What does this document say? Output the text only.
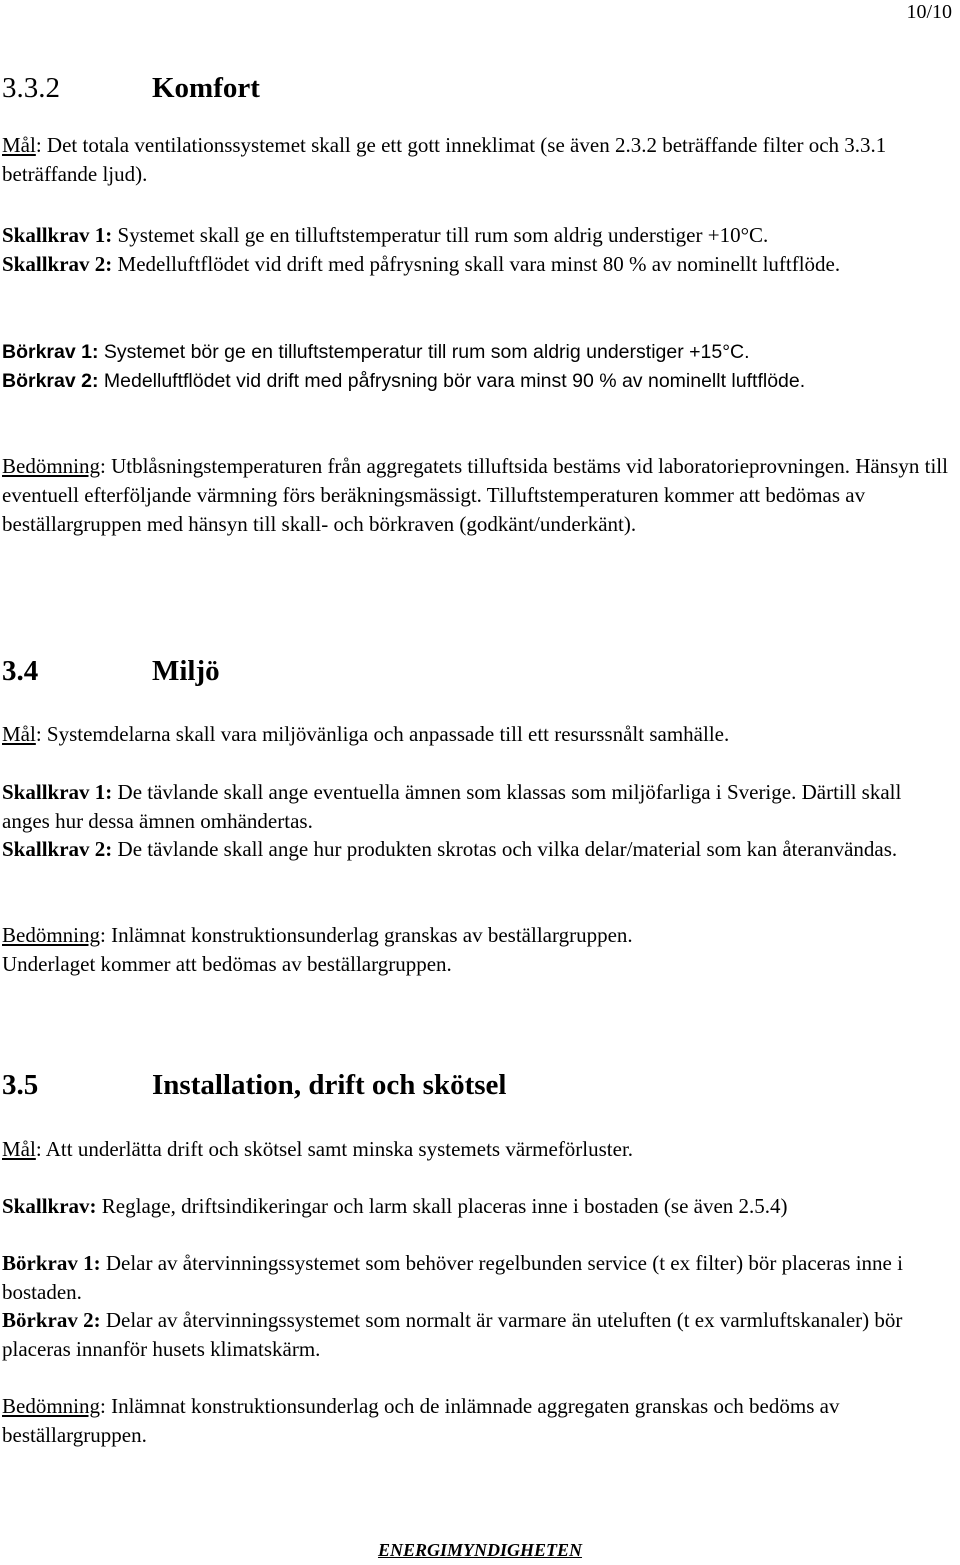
10/10
3.3.2	Komfort

Mål: Det totala ventilationssystemet skall ge ett gott inneklimat (se även 2.3.2 beträffande filter och 3.3.1 beträffande ljud).

Skallkrav 1: Systemet skall ge en tilluftstemperatur till rum som aldrig understiger +10°C.

Skallkrav 2: Medelluftflödet vid drift med påfrysning skall vara minst 80 % av nominellt luftflöde.

Börkrav 1: Systemet bör ge en tilluftstemperatur till rum som aldrig understiger +15°C.

Börkrav 2: Medelluftflödet vid drift med påfrysning bör vara minst 90 % av nominellt luftflöde.

Bedömning: Utblåsningstemperaturen från aggregatets tilluftsida bestäms vid laboratorieprovningen. Hänsyn till eventuell efterföljande värmning förs beräkningsmässigt. Tilluftstemperaturen kommer att bedömas av beställargruppen med hänsyn till skall- och börkraven (godkänt/underkänt).

3.4	Miljö

Mål: Systemdelarna skall vara miljövänliga och anpassade till ett resurssnålt samhälle.

Skallkrav 1: De tävlande skall ange eventuella ämnen som klassas som miljöfarliga i Sverige. Därtill skall anges hur dessa ämnen omhändertas.

Skallkrav 2: De tävlande skall ange hur produkten skrotas och vilka delar/material som kan återanvändas.

Bedömning: Inlämnat konstruktionsunderlag granskas av beställargruppen.
Underlaget kommer att bedömas av beställargruppen.

3.5	Installation, drift och skötsel

Mål: Att underlätta drift och skötsel samt minska systemets värmeförluster.

Skallkrav: Reglage, driftsindikeringar och larm skall placeras inne i bostaden (se även 2.5.4)

Börkrav 1: Delar av återvinningssystemet som behöver regelbunden service (t ex filter) bör placeras inne i bostaden.

Börkrav 2: Delar av återvinningssystemet som normalt är varmare än uteluften (t ex varmluftskanaler) bör placeras innanför husets klimatskärm.

Bedömning: Inlämnat konstruktionsunderlag och de inlämnade aggregaten granskas och bedöms av beställargruppen.

ENERGIMYNDIGHETEN
